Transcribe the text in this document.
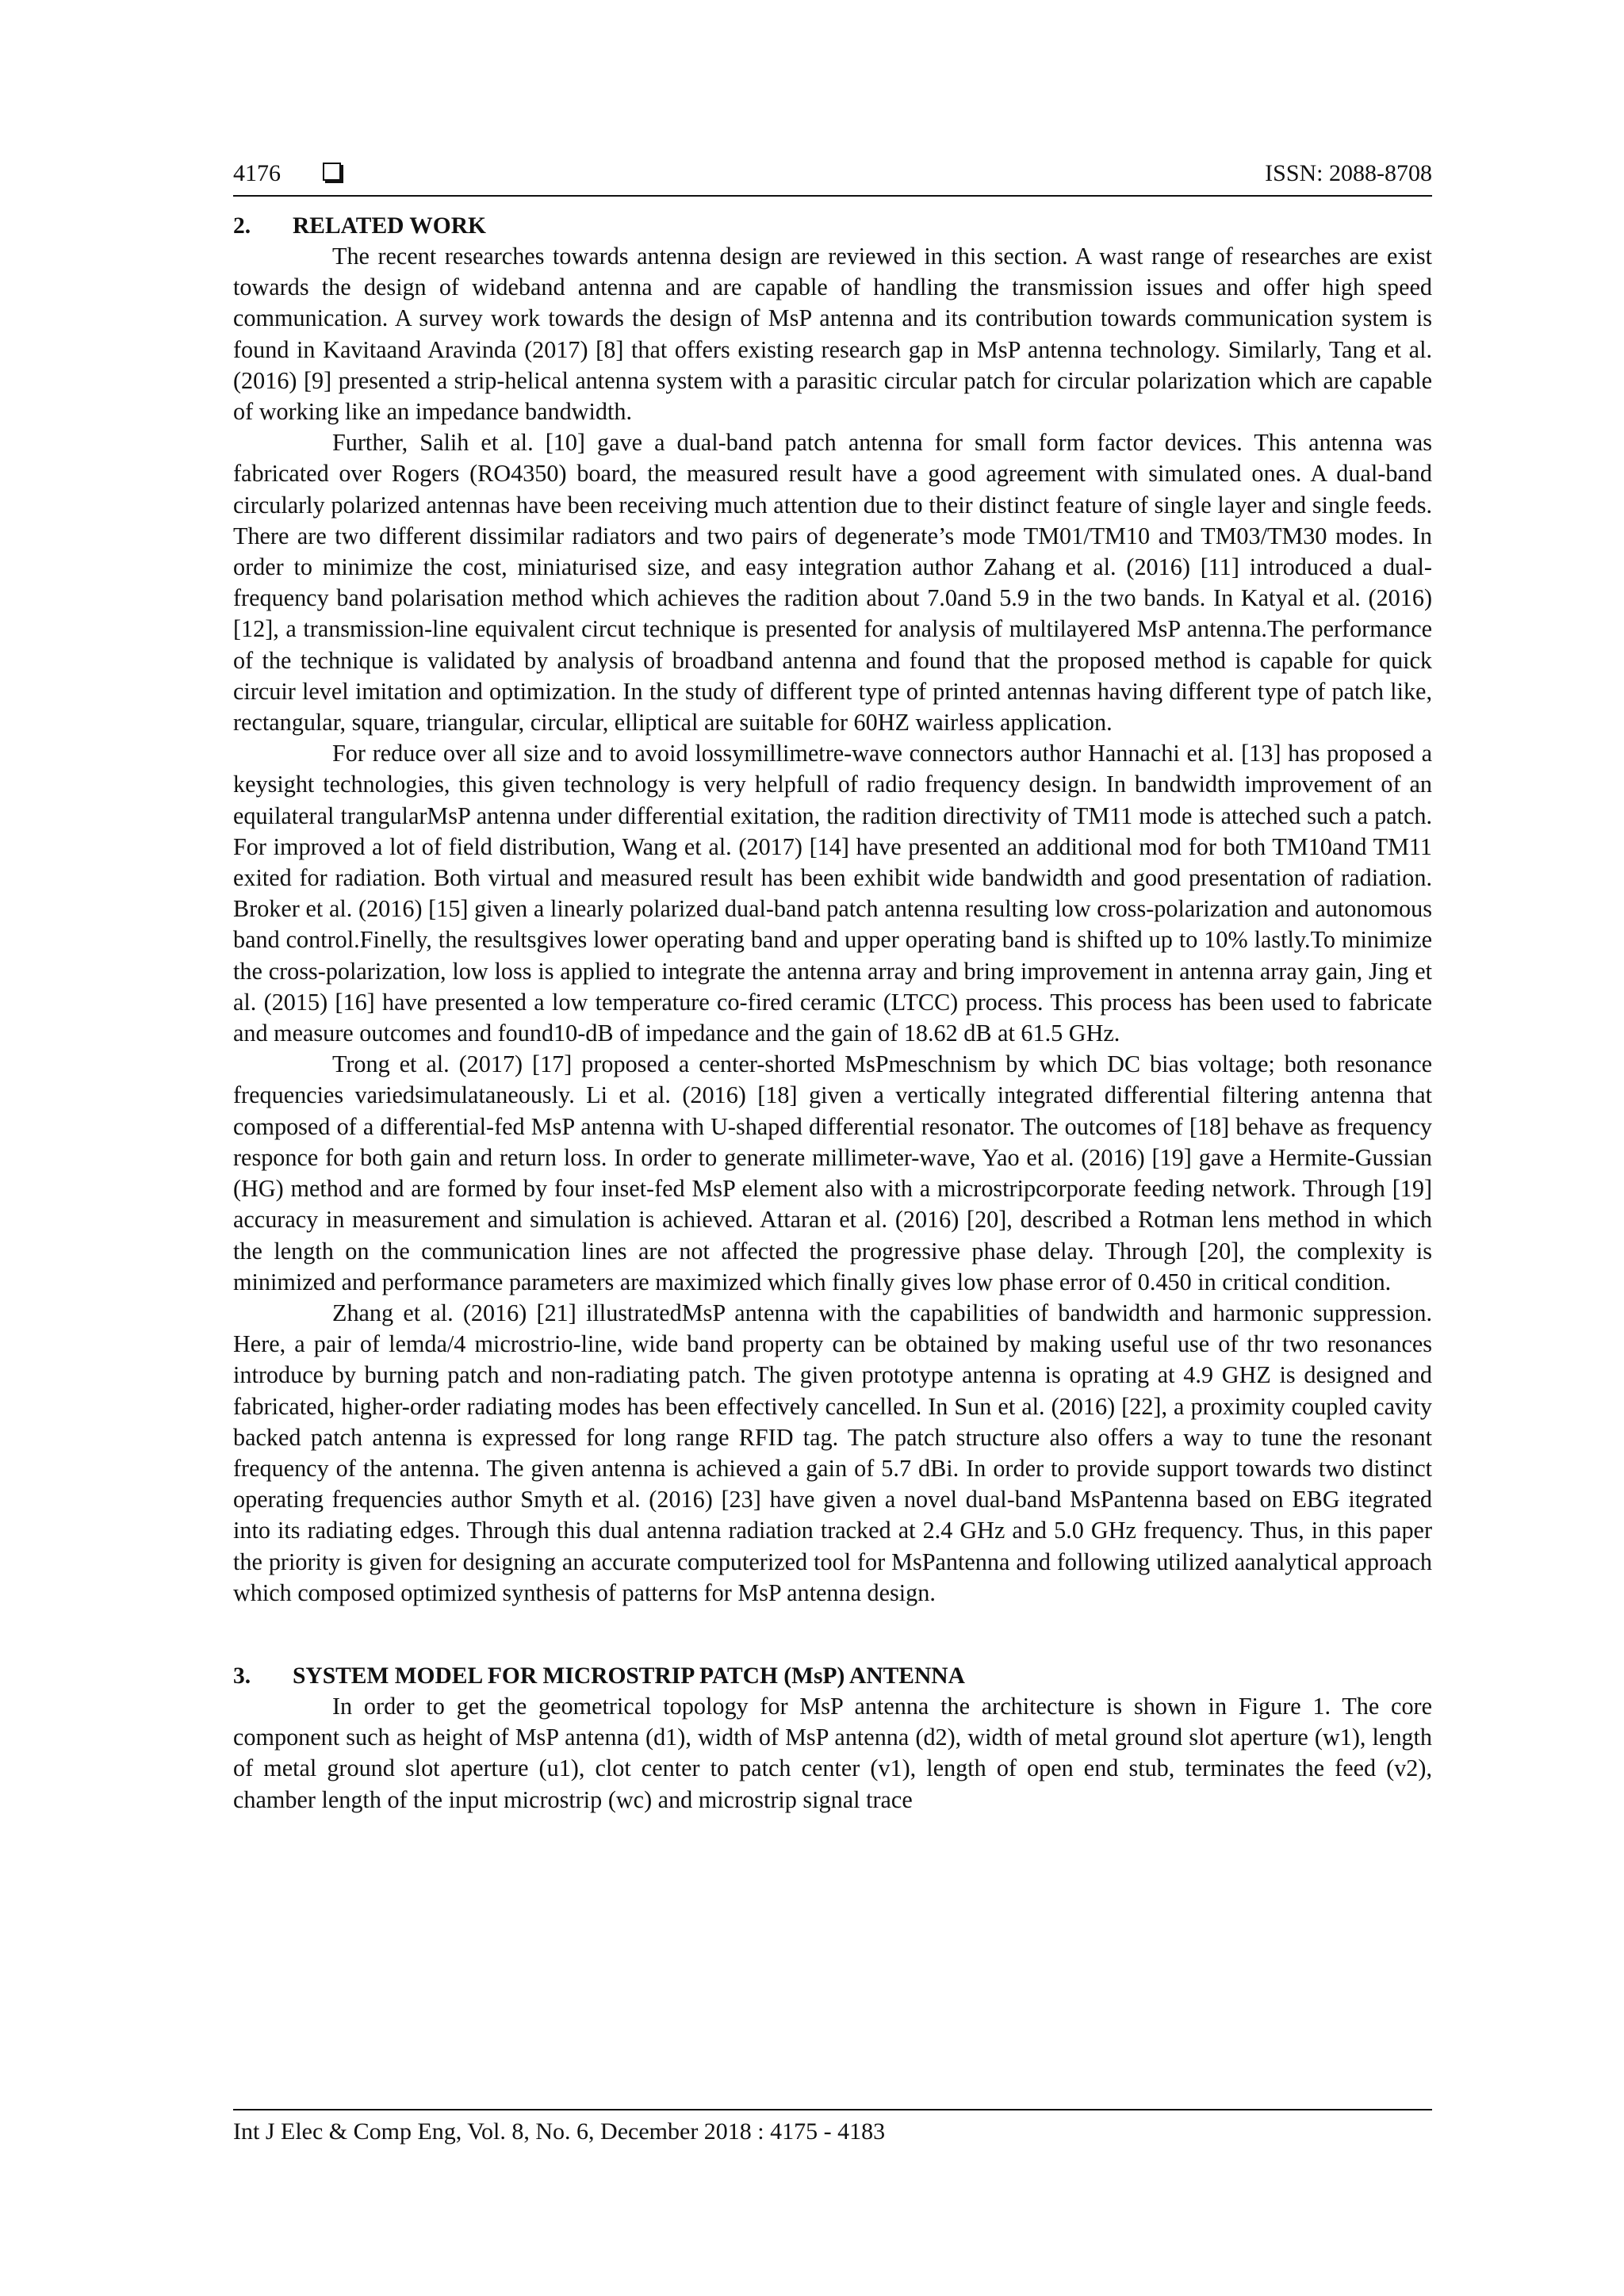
4176	ISSN: 2088-8708
2.	RELATED WORK

The recent researches towards antenna design are reviewed in this section. A wast range of researches are exist towards the design of wideband antenna and are capable of handling the transmission issues and offer high speed communication. A survey work towards the design of MsP antenna and its contribution towards communication system is found in Kavitaand Aravinda (2017) [8] that offers existing research gap in MsP antenna technology. Similarly, Tang et al. (2016) [9] presented a strip-helical antenna system with a parasitic circular patch for circular polarization which are capable of working like an impedance bandwidth.

Further, Salih et al. [10] gave a dual-band patch antenna for small form factor devices. This antenna was fabricated over Rogers (RO4350) board, the measured result have a good agreement with simulated ones. A dual-band circularly polarized antennas have been receiving much attention due to their distinct feature of single layer and single feeds. There are two different dissimilar radiators and two pairs of degenerate’s mode TM01/TM10 and TM03/TM30 modes. In order to minimize the cost, miniaturised size, and easy integration author Zahang et al. (2016) [11] introduced a dual-frequency band polarisation method which achieves the radition about 7.0and 5.9 in the two bands. In Katyal et al. (2016) [12], a transmission-line equivalent circut technique is presented for analysis of multilayered MsP antenna.The performance of the technique is validated by analysis of broadband antenna and found that the proposed method is capable for quick circuir level imitation and optimization. In the study of different type of printed antennas having different type of patch like, rectangular, square, triangular, circular, elliptical are suitable for 60HZ wairless application.

For reduce over all size and to avoid lossymillimetre-wave connectors author Hannachi et al. [13] has proposed a keysight technologies, this given technology is very helpfull of radio frequency design. In bandwidth improvement of an equilateral trangularMsP antenna under differential exitation, the radition directivity of TM11 mode is atteched such a patch. For improved a lot of field distribution, Wang et al. (2017) [14] have presented an additional mod for both TM10and TM11 exited for radiation. Both virtual and measured result has been exhibit wide bandwidth and good presentation of radiation. Broker et al. (2016) [15] given a linearly polarized dual-band patch antenna resulting low cross-polarization and autonomous band control.Finelly, the resultsgives lower operating band and upper operating band is shifted up to 10% lastly.To minimize the cross-polarization, low loss is applied to integrate the antenna array and bring improvement in antenna array gain, Jing et al. (2015) [16] have presented a low temperature co-fired ceramic (LTCC) process. This process has been used to fabricate and measure outcomes and found10-dB of impedance and the gain of 18.62 dB at 61.5 GHz.

Trong et al. (2017) [17] proposed a center-shorted MsPmeschnism by which DC bias voltage; both resonance frequencies variedsimulataneously. Li et al. (2016) [18] given a vertically integrated differential filtering antenna that composed of a differential-fed MsP antenna with U-shaped differential resonator. The outcomes of [18] behave as frequency responce for both gain and return loss. In order to generate millimeter-wave, Yao et al. (2016) [19] gave a Hermite-Gussian (HG) method and are formed by four inset-fed MsP element also with a microstripcorporate feeding network. Through [19] accuracy in measurement and simulation is achieved. Attaran et al. (2016) [20], described a Rotman lens method in which the length on the communication lines are not affected the progressive phase delay. Through [20], the complexity is minimized and performance parameters are maximized which finally gives low phase error of 0.450 in critical condition.

Zhang et al. (2016) [21] illustratedMsP antenna with the capabilities of bandwidth and harmonic suppression. Here, a pair of lemda/4 microstrio-line, wide band property can be obtained by making useful use of thr two resonances introduce by burning patch and non-radiating patch. The given prototype antenna is oprating at 4.9 GHZ is designed and fabricated, higher-order radiating modes has been effectively cancelled. In Sun et al. (2016) [22], a proximity coupled cavity backed patch antenna is expressed for long range RFID tag. The patch structure also offers a way to tune the resonant frequency of the antenna. The given antenna is achieved a gain of 5.7 dBi. In order to provide support towards two distinct operating frequencies author Smyth et al. (2016) [23] have given a novel dual-band MsPantenna based on EBG itegrated into its radiating edges. Through this dual antenna radiation tracked at 2.4 GHz and 5.0 GHz frequency. Thus, in this paper the priority is given for designing an accurate computerized tool for MsPantenna and following utilized aanalytical approach which composed optimized synthesis of patterns for MsP antenna design.

3.	SYSTEM MODEL FOR MICROSTRIP PATCH (MsP) ANTENNA

In order to get the geometrical topology for MsP antenna the architecture is shown in Figure 1. The core component such as height of MsP antenna (d1), width of MsP antenna (d2), width of metal ground slot aperture (w1), length of metal ground slot aperture (u1), clot center to patch center (v1), length of open end stub, terminates the feed (v2), chamber length of the input microstrip (wc) and microstrip signal trace

Int J Elec & Comp Eng, Vol. 8, No. 6, December 2018 : 4175 - 4183
